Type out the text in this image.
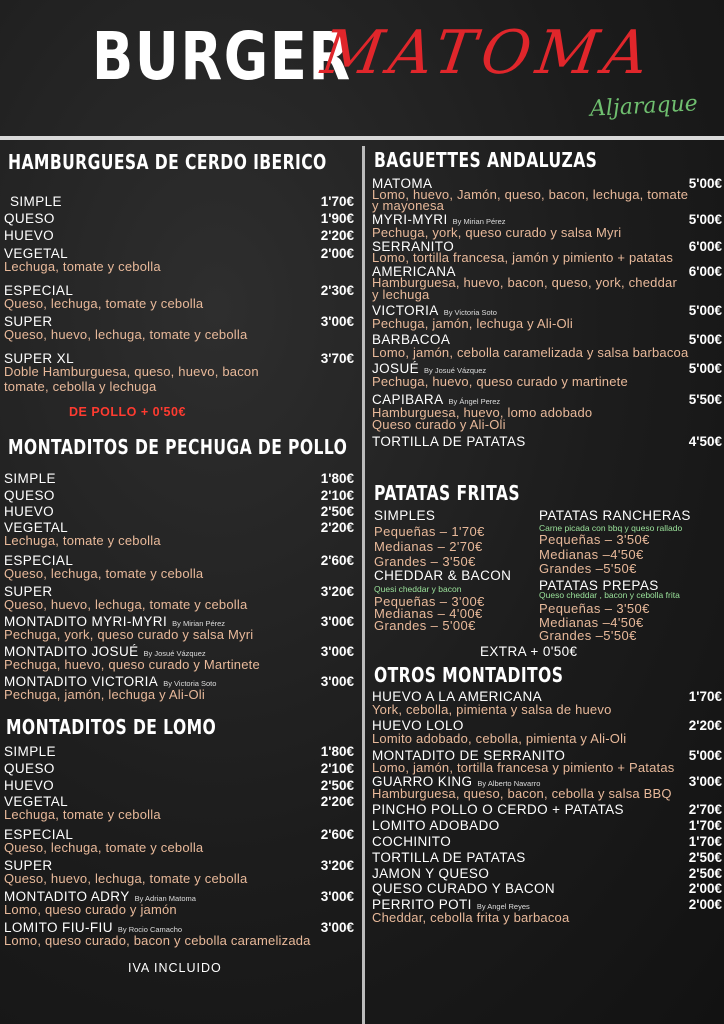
BURGER
MATOMA
Aljaraque
HAMBURGUESA DE CERDO IBERICO
SIMPLE	1'70€
QUESO	1'90€
HUEVO	2'20€
VEGETAL	2'00€
Lechuga, tomate y cebolla
ESPECIAL	2'30€
Queso, lechuga, tomate y cebolla
SUPER	3'00€
Queso, huevo, lechuga, tomate y cebolla
SUPER XL	3'70€
Doble Hamburguesa, queso, huevo, bacon
tomate, cebolla y lechuga
DE POLLO + 0'50€
MONTADITOS DE PECHUGA DE POLLO
SIMPLE	1'80€
QUESO	2'10€
HUEVO	2'50€
VEGETAL	2'20€
Lechuga, tomate y cebolla
ESPECIAL	2'60€
Queso, lechuga, tomate y cebolla
SUPER	3'20€
Queso, huevo, lechuga, tomate y cebolla
MONTADITO MYRI-MYRI By Mirian Pérez	3'00€
Pechuga, york, queso curado y salsa Myri
MONTADITO JOSUÉ By Josué Vázquez	3'00€
Pechuga, huevo, queso curado y Martinete
MONTADITO VICTORIA By Victoria Soto	3'00€
Pechuga, jamón, lechuga y Ali-Oli
MONTADITOS DE LOMO
SIMPLE	1'80€
QUESO	2'10€
HUEVO	2'50€
VEGETAL	2'20€
Lechuga, tomate y cebolla
ESPECIAL	2'60€
Queso, lechuga, tomate y cebolla
SUPER	3'20€
Queso, huevo, lechuga, tomate y cebolla
MONTADITO ADRY By Adrian Matoma	3'00€
Lomo, queso curado y jamón
LOMITO FIU-FIU By Rocio Camacho	3'00€
Lomo, queso curado, bacon y cebolla caramelizada
IVA INCLUIDO
BAGUETTES ANDALUZAS
MATOMA	5'00€
Lomo, huevo, Jamón, queso, bacon, lechuga, tomate
y mayonesa
MYRI-MYRI By Mirian Pérez	5'00€
Pechuga, york, queso curado y salsa Myri
SERRANITO	6'00€
Lomo, tortilla francesa, jamón y pimiento + patatas
AMERICANA	6'00€
Hamburguesa, huevo, bacon, queso, york, cheddar
y lechuga
VICTORIA By Victoria Soto	5'00€
Pechuga, jamón, lechuga y Ali-Oli
BARBACOA	5'00€
Lomo, jamón, cebolla caramelizada y salsa barbacoa
JOSUÉ By Josué Vázquez	5'00€
Pechuga, huevo, queso curado y martinete
CAPIBARA By Ángel Perez	5'50€
Hamburguesa, huevo, lomo adobado
Queso curado y Ali-Oli
TORTILLA DE PATATAS	4'50€
PATATAS FRITAS
SIMPLES
Pequeñas – 1'70€
Medianas – 2'70€
Grandes – 3'50€
CHEDDAR & BACON
Quesi cheddar y bacon
Pequeñas – 3'00€
Medianas – 4'00€
Grandes – 5'00€
PATATAS RANCHERAS
Carne picada con bbq y queso rallado
Pequeñas – 3'50€
Medianas –4'50€
Grandes –5'50€
PATATAS PREPAS
Queso cheddar , bacon y cebolla frita
Pequeñas – 3'50€
Medianas –4'50€
Grandes –5'50€
EXTRA + 0'50€
OTROS MONTADITOS
HUEVO A LA AMERICANA	1'70€
York, cebolla, pimienta y salsa de huevo
HUEVO LOLO	2'20€
Lomito adobado, cebolla, pimienta y Ali-Oli
MONTADITO DE SERRANITO	5'00€
Lomo, jamón, tortilla francesa y pimiento + Patatas
GUARRO KING By Alberto Navarro	3'00€
Hamburguesa, queso, bacon, cebolla y salsa BBQ
PINCHO POLLO O CERDO + PATATAS	2'70€
LOMITO ADOBADO	1'70€
COCHINITO	1'70€
TORTILLA DE PATATAS	2'50€
JAMON Y QUESO	2'50€
QUESO CURADO Y BACON	2'00€
PERRITO POTI By Angel Reyes	2'00€
Cheddar, cebolla frita y barbacoa
